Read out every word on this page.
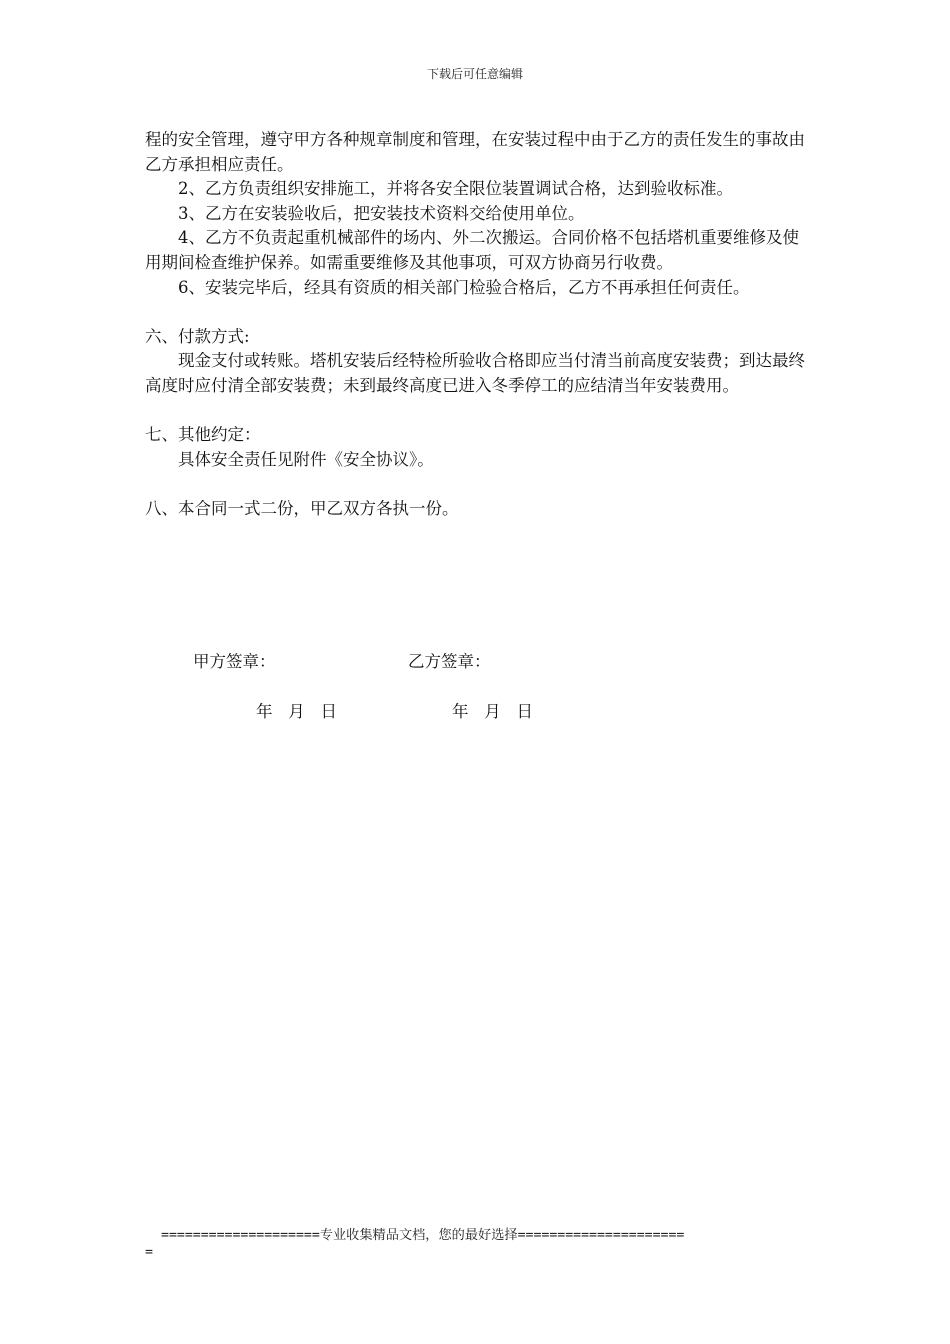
下载后可任意编辑

程的安全管理，遵守甲方各种规章制度和管理，在安装过程中由于乙方的责任发生的事故由乙方承担相应责任。

2、乙方负责组织安排施工，并将各安全限位装置调试合格，达到验收标准。

3、乙方在安装验收后，把安装技术资料交给使用单位。

4、乙方不负责起重机械部件的场内、外二次搬运。合同价格不包括塔机重要维修及使用期间检查维护保养。如需重要维修及其他事项，可双方协商另行收费。

6、安装完毕后，经具有资质的相关部门检验合格后，乙方不再承担任何责任。

六、付款方式:

现金支付或转账。塔机安装后经特检所验收合格即应当付清当前高度安装费；到达最终高度时应付清全部安装费；未到最终高度已进入冬季停工的应结清当年安装费用。

七、其他约定：

具体安全责任见附件《安全协议》。

八、本合同一式二份，甲乙双方各执一份。

甲方签章：	乙方签章：
年   月   日	年   月   日
====================专业收集精品文档，您的最好选择=====================
=
